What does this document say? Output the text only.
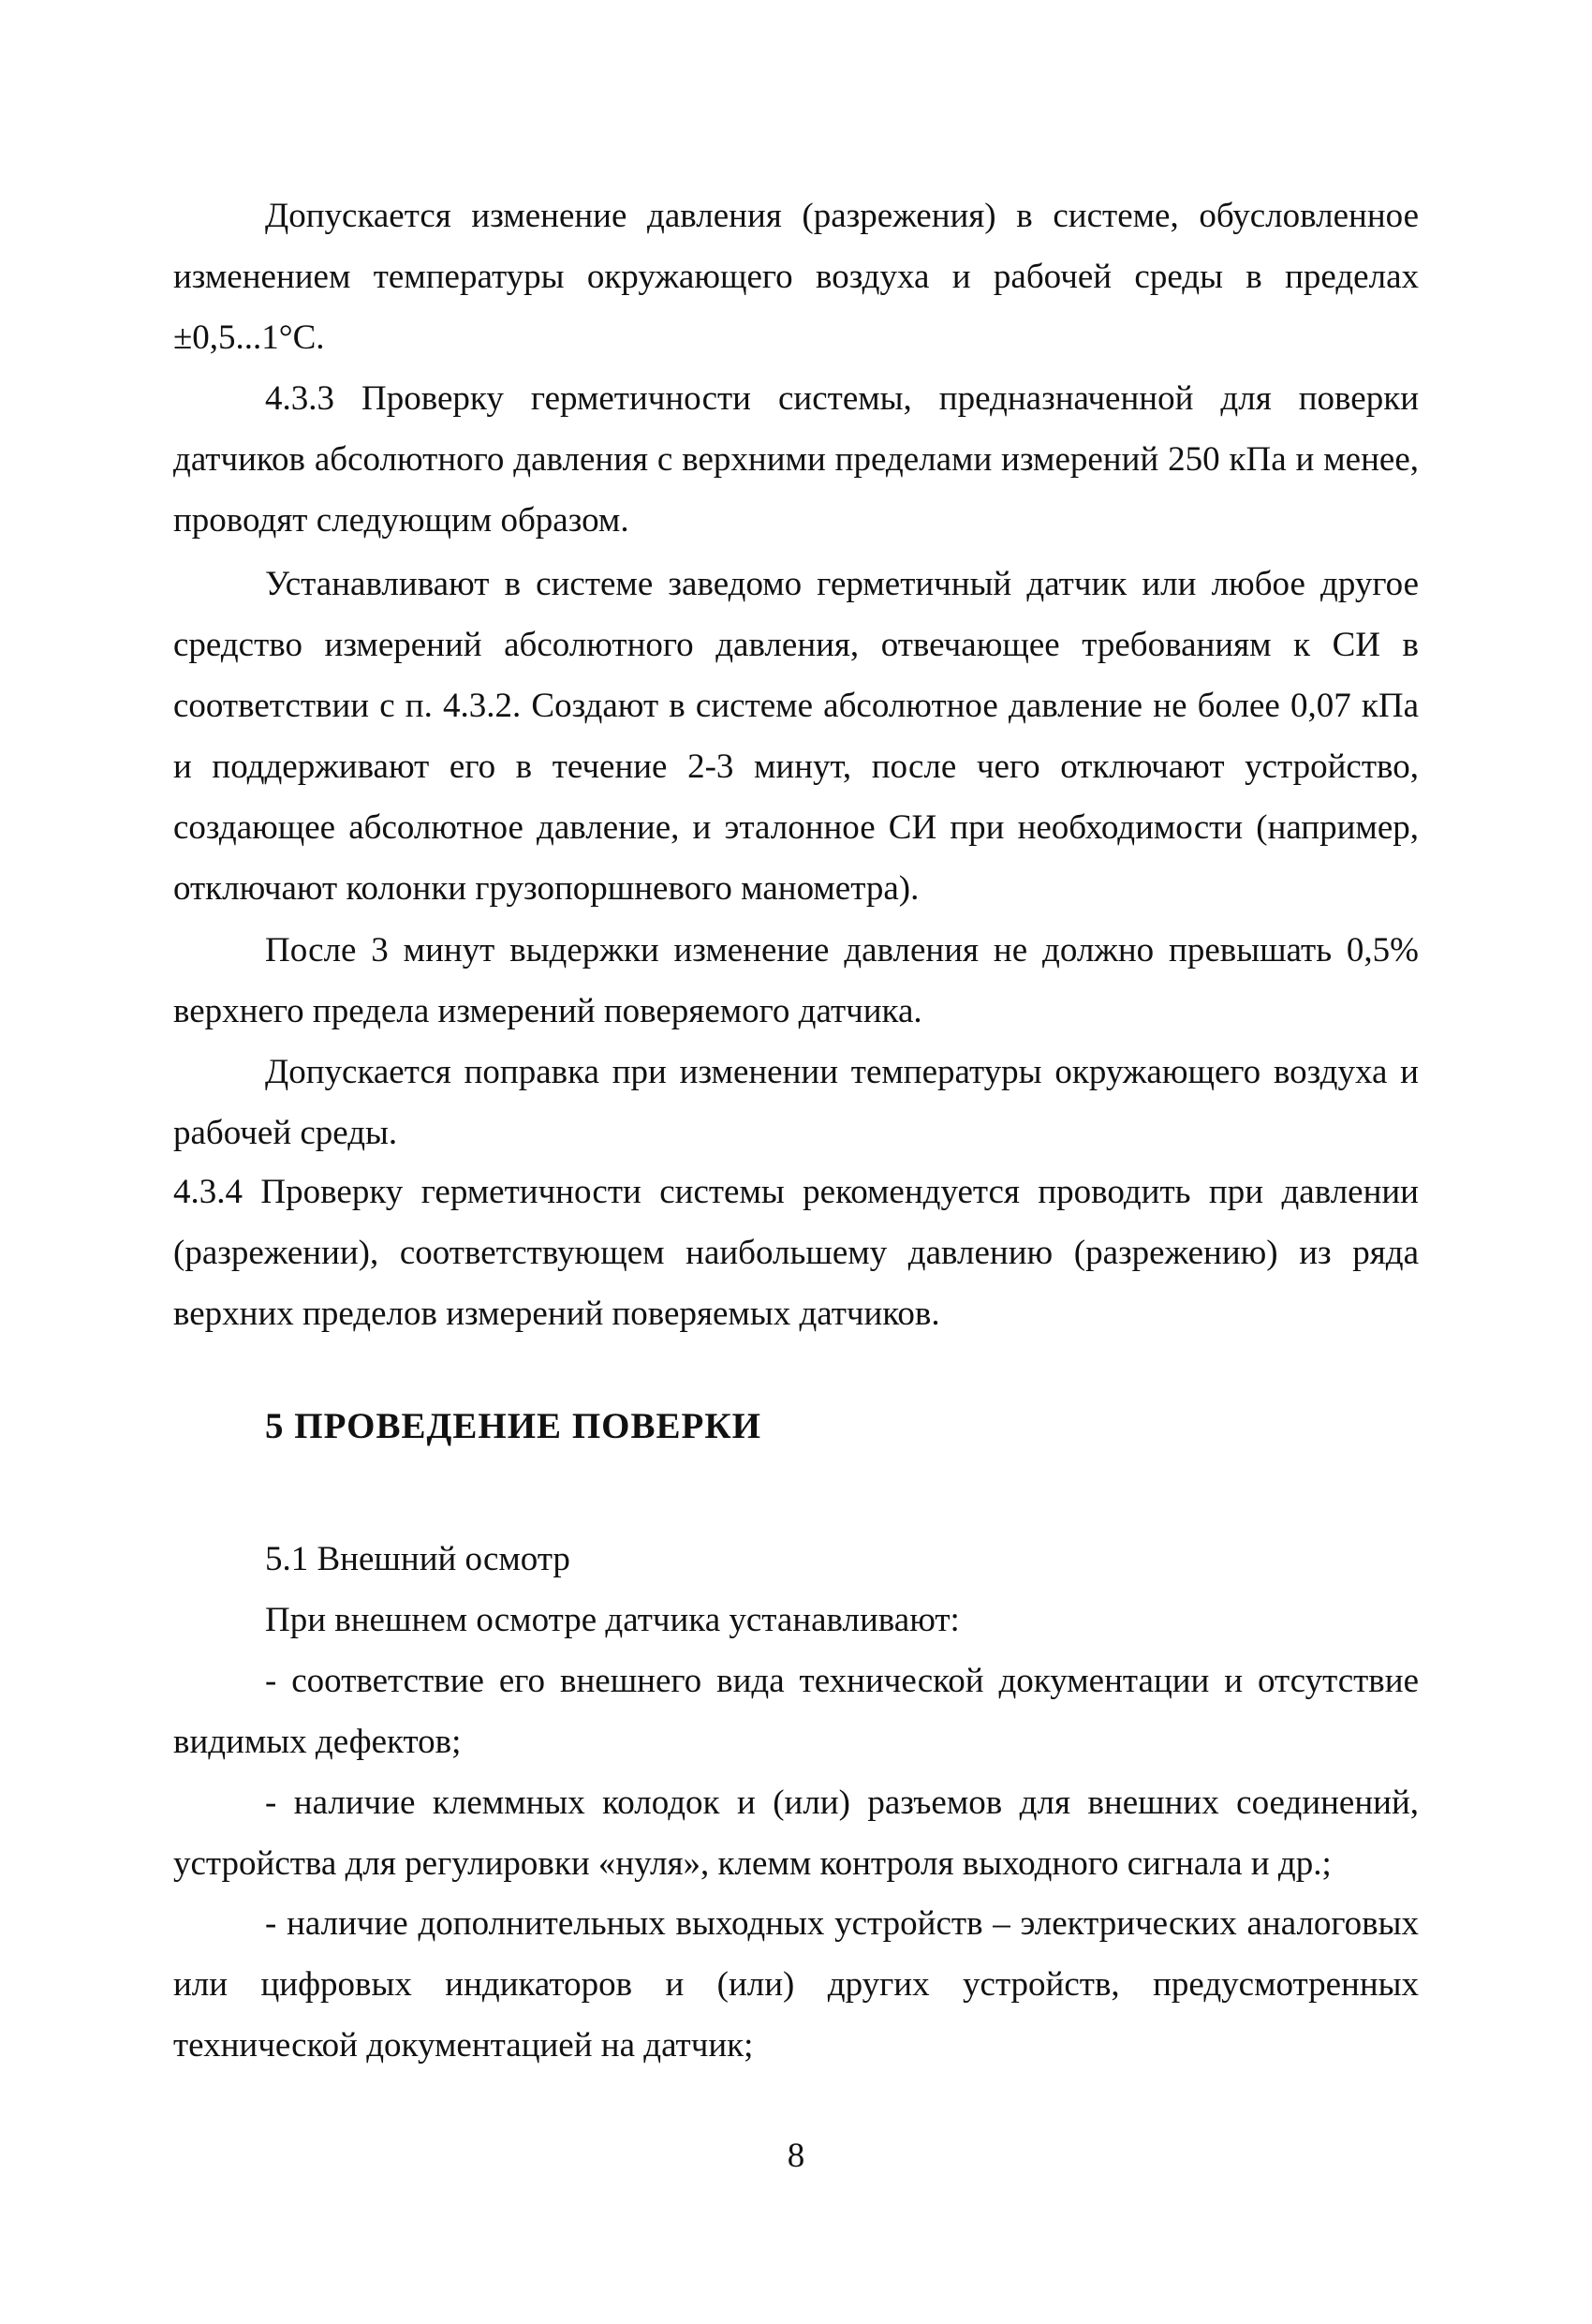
Допускается изменение давления (разрежения) в системе, обусловленное изменением температуры окружающего воздуха и рабочей среды в пределах ±0,5...1°С.

4.3.3 Проверку герметичности системы, предназначенной для поверки датчиков абсолютного давления с верхними пределами измерений 250 кПа и менее, проводят следующим образом.

Устанавливают в системе заведомо герметичный датчик или любое другое средство измерений абсолютного давления, отвечающее требованиям к СИ в соответствии с п. 4.3.2. Создают в системе абсолютное давление не более 0,07 кПа и поддерживают его в течение 2-3 минут, после чего отключают устройство, создающее абсолютное давление, и эталонное СИ при необходимости (например, отключают колонки грузопоршневого манометра).

После 3 минут выдержки изменение давления не должно превышать 0,5% верхнего предела измерений поверяемого датчика.

Допускается поправка при изменении температуры окружающего воздуха и рабочей среды.

4.3.4 Проверку герметичности системы рекомендуется проводить при давлении (разрежении), соответствующем наибольшему давлению (разрежению) из ряда верхних пределов измерений поверяемых датчиков.

5 ПРОВЕДЕНИЕ ПОВЕРКИ

5.1 Внешний осмотр

При внешнем осмотре датчика устанавливают:

- соответствие его внешнего вида технической документации и отсутствие видимых дефектов;

- наличие клеммных колодок и (или) разъемов для внешних соединений, устройства для регулировки «нуля», клемм контроля выходного сигнала и др.;

- наличие дополнительных выходных устройств – электрических аналоговых или цифровых индикаторов и (или) других устройств, предусмотренных технической документацией на датчик;

8
